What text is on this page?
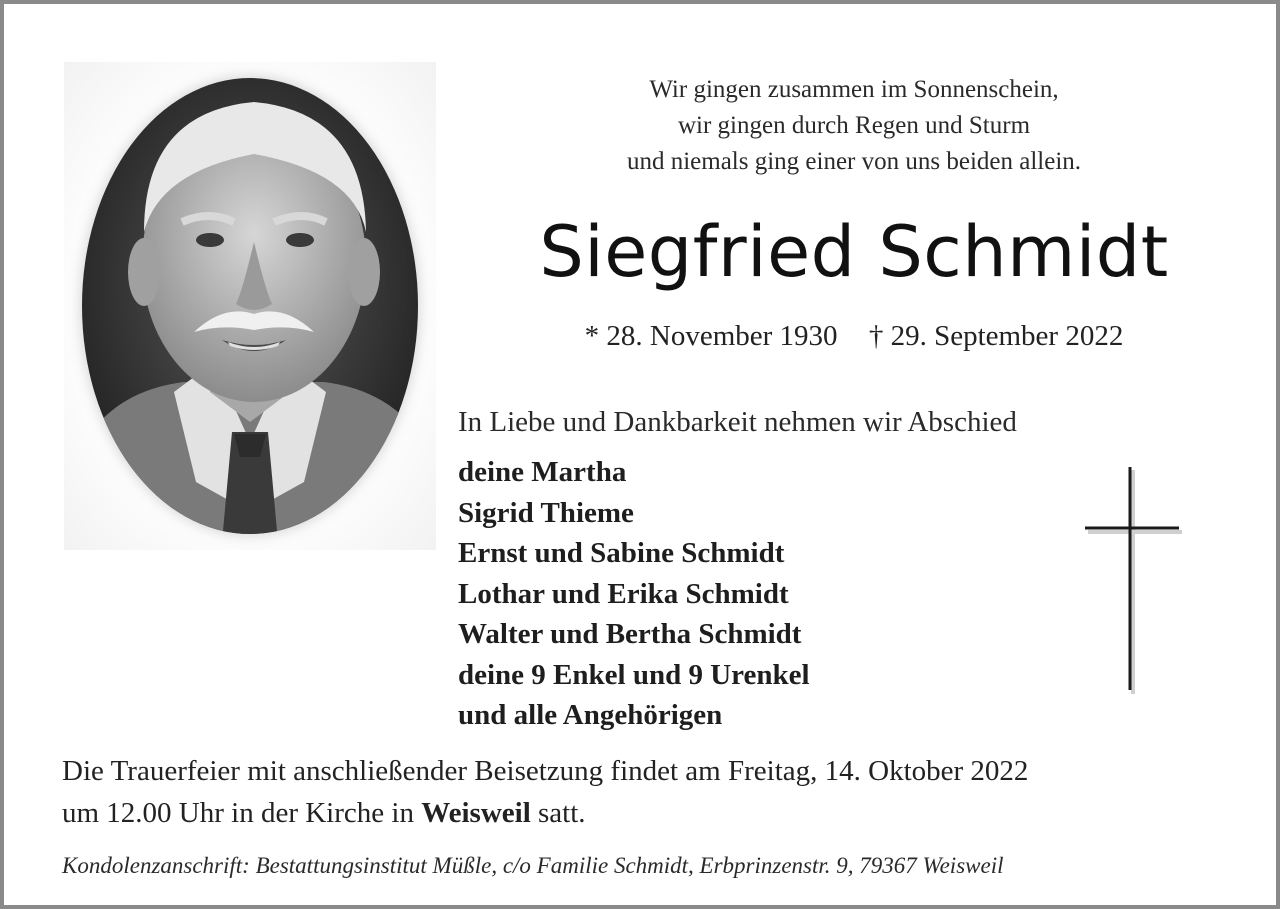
Wir gingen zusammen im Sonnenschein,
wir gingen durch Regen und Sturm
und niemals ging einer von uns beiden allein.
Siegfried Schmidt
* 28. November 1930 † 29. September 2022
In Liebe und Dankbarkeit nehmen wir Abschied
deine Martha
Sigrid Thieme
Ernst und Sabine Schmidt
Lothar und Erika Schmidt
Walter und Bertha Schmidt
deine 9 Enkel und 9 Urenkel
und alle Angehörigen
Die Trauerfeier mit anschließender Beisetzung findet am Freitag, 14. Oktober 2022
um 12.00 Uhr in der Kirche in Weisweil satt.
Kondolenzanschrift: Bestattungsinstitut Müßle, c/o Familie Schmidt, Erbprinzenstr. 9, 79367 Weisweil
